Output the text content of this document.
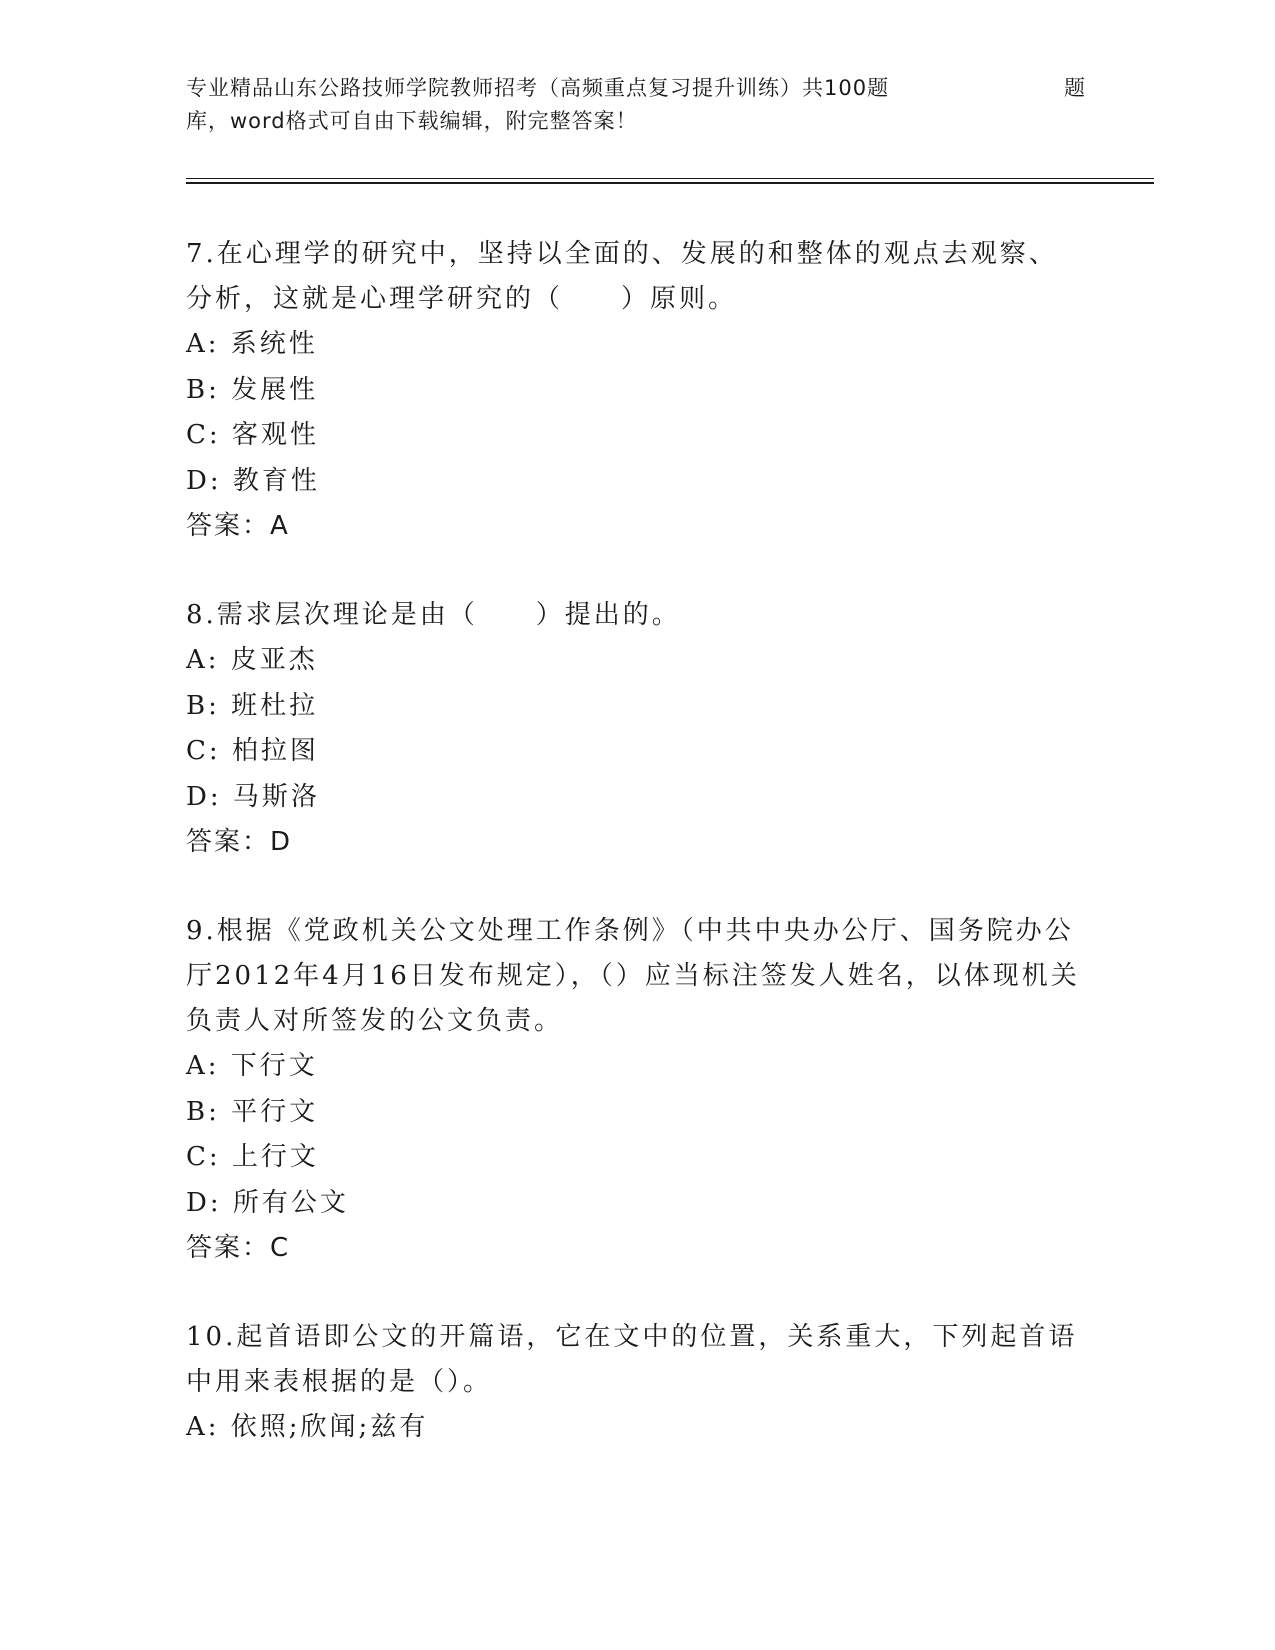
专业精品山东公路技师学院教师招考（高频重点复习提升训练）共100题	题
库，word格式可自由下载编辑，附完整答案！

7.在心理学的研究中，坚持以全面的、发展的和整体的观点去观察、分析，这就是心理学研究的（　　）原则。

A: 系统性

B: 发展性

C: 客观性

D: 教育性

答案：A

8.需求层次理论是由（　　）提出的。

A: 皮亚杰

B: 班杜拉

C: 柏拉图

D: 马斯洛

答案：D

9.根据《党政机关公文处理工作条例》（中共中央办公厅、国务院办公厅2012年4月16日发布规定），（）应当标注签发人姓名，以体现机关负责人对所签发的公文负责。

A: 下行文

B: 平行文

C: 上行文

D: 所有公文

答案：C

10.起首语即公文的开篇语，它在文中的位置，关系重大，下列起首语中用来表根据的是（）。

A: 依照;欣闻;兹有
